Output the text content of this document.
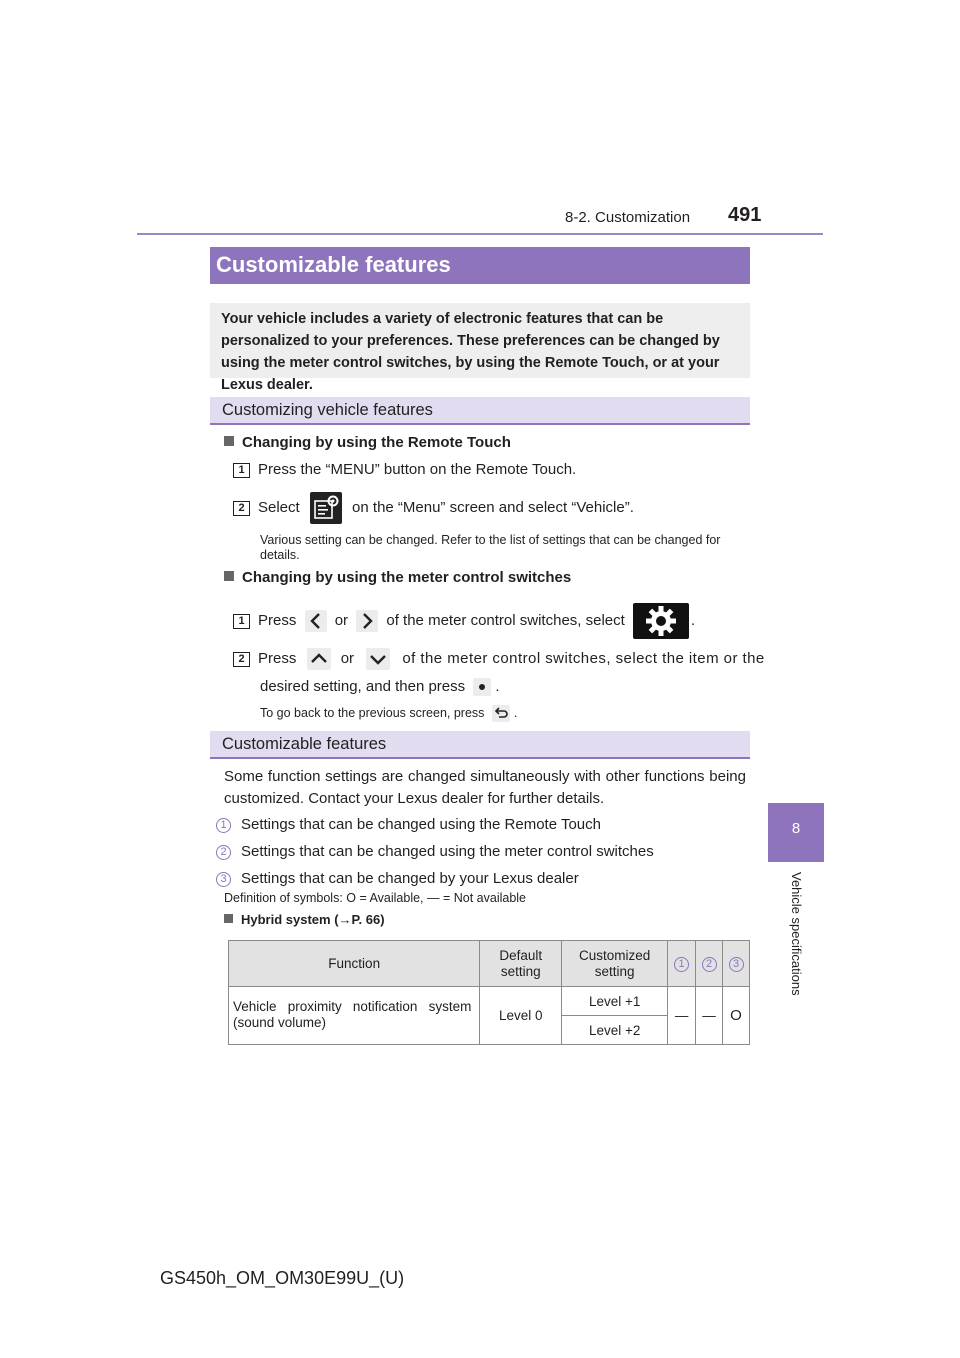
8-2. Customization 491
8
Vehicle specifications
Customizable features
Your vehicle includes a variety of electronic features that can be personalized to your preferences. These preferences can be changed by using the meter control switches, by using the Remote Touch, or at your Lexus dealer.
Customizing vehicle features
Changing by using the Remote Touch
1 Press the “MENU” button on the Remote Touch.
2 Select	on the “Menu” screen and select “Vehicle”.
Various setting can be changed. Refer to the list of settings that can be changed for details.
Changing by using the meter control switches
1 Press	or	of the meter control switches, select	.
2 Press	or	of the meter control switches, select the item or the
desired setting, and then press .
To go back to the previous screen, press .
Customizable features
Some function settings are changed simultaneously with other functions being customized. Contact your Lexus dealer for further details.
1 Settings that can be changed using the Remote Touch
2 Settings that can be changed using the meter control switches
3 Settings that can be changed by your Lexus dealer
Definition of symbols: O = Available, — = Not available
Hybrid system (→P. 66)
Function	Default setting	Customized setting	1	2	3
Vehicle proximity notification system (sound volume)	Level 0	Level +1	—	—	O
		Level +2			
GS450h_OM_OM30E99U_(U)
